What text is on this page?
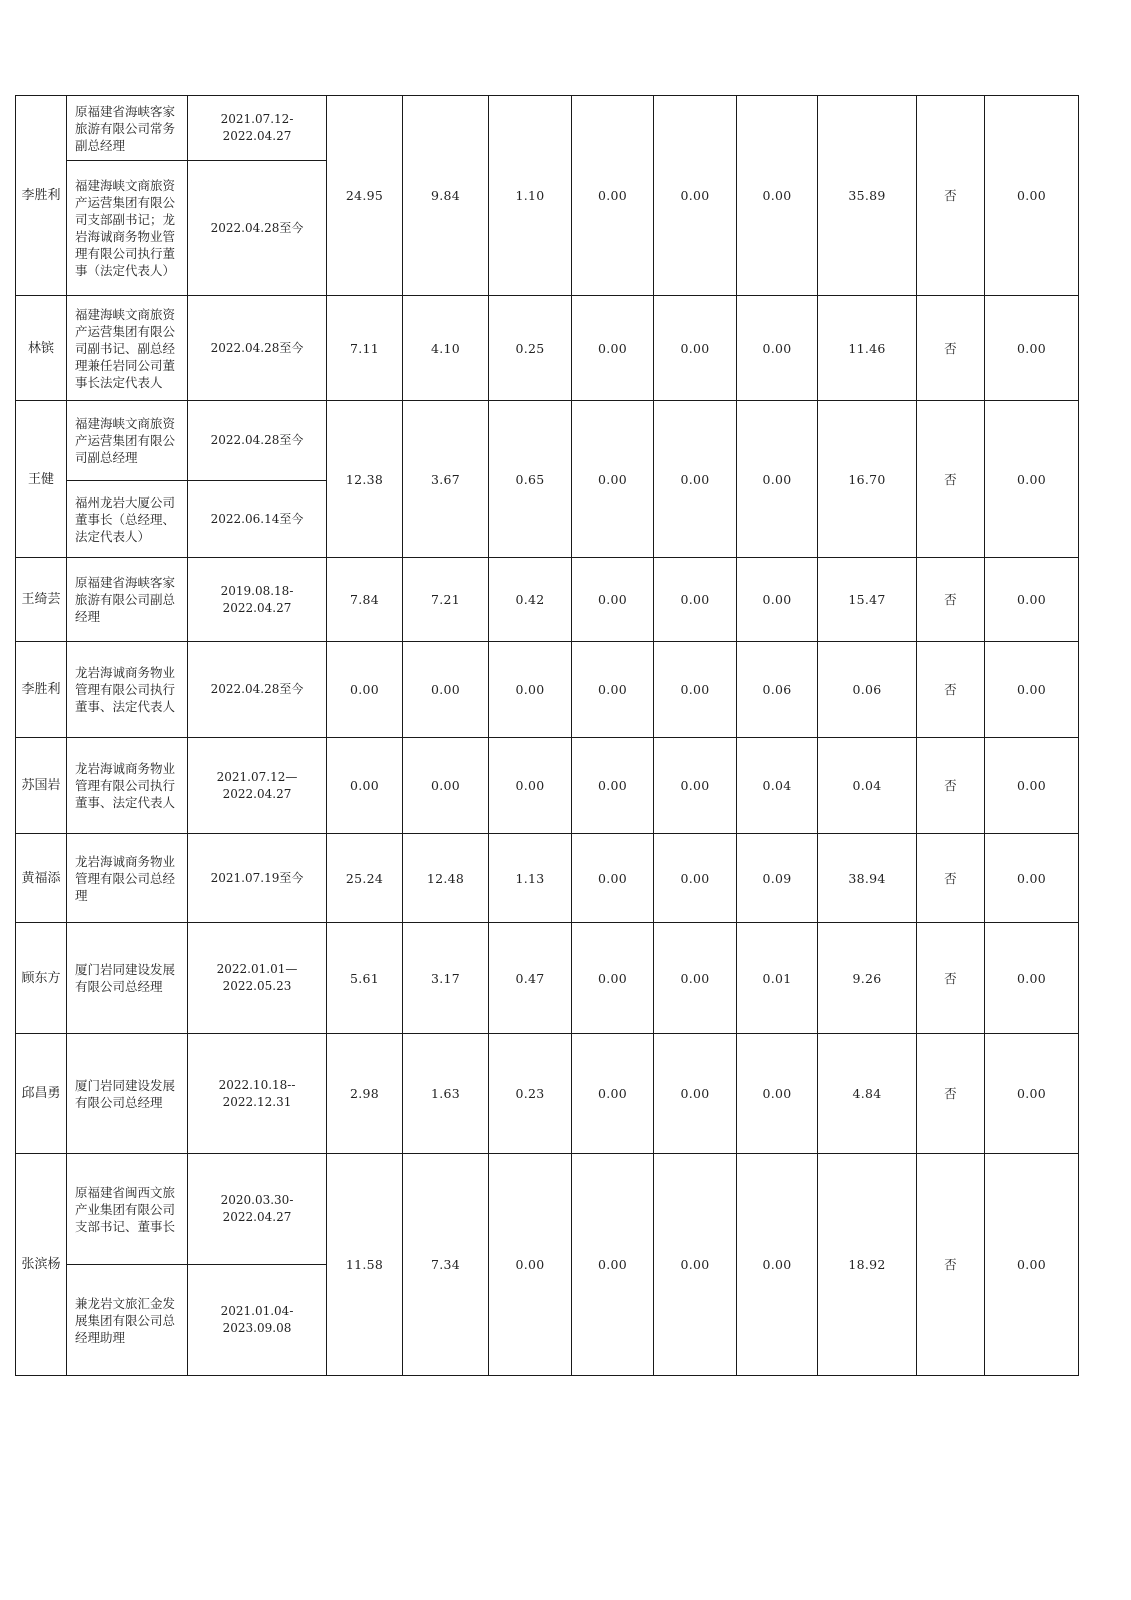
李胜利	原福建省海峡客家旅游有限公司常务副总经理	2021.07.12-
2022.04.27	24.95	9.84	1.10	0.00	0.00	0.00	35.89	否	0.00
	福建海峡文商旅资产运营集团有限公司支部副书记；龙岩海诚商务物业管理有限公司执行董事（法定代表人）	2022.04.28至今									
林镔	福建海峡文商旅资产运营集团有限公司副书记、副总经理兼任岩同公司董事长法定代表人	2022.04.28至今	7.11	4.10	0.25	0.00	0.00	0.00	11.46	否	0.00
王健	福建海峡文商旅资产运营集团有限公司副总经理	2022.04.28至今	12.38	3.67	0.65	0.00	0.00	0.00	16.70	否	0.00
	福州龙岩大厦公司董事长（总经理、法定代表人）	2022.06.14至今									
王绮芸	原福建省海峡客家旅游有限公司副总经理	2019.08.18-
2022.04.27	7.84	7.21	0.42	0.00	0.00	0.00	15.47	否	0.00
李胜利	龙岩海诚商务物业管理有限公司执行董事、法定代表人	2022.04.28至今	0.00	0.00	0.00	0.00	0.00	0.06	0.06	否	0.00
苏国岩	龙岩海诚商务物业管理有限公司执行董事、法定代表人	2021.07.12—
2022.04.27	0.00	0.00	0.00	0.00	0.00	0.04	0.04	否	0.00
黄福添	龙岩海诚商务物业管理有限公司总经理	2021.07.19至今	25.24	12.48	1.13	0.00	0.00	0.09	38.94	否	0.00
顾东方	厦门岩同建设发展有限公司总经理	2022.01.01—
2022.05.23	5.61	3.17	0.47	0.00	0.00	0.01	9.26	否	0.00
邱昌勇	厦门岩同建设发展有限公司总经理	2022.10.18--
2022.12.31	2.98	1.63	0.23	0.00	0.00	0.00	4.84	否	0.00
张滨杨	原福建省闽西文旅产业集团有限公司支部书记、董事长	2020.03.30-
2022.04.27	11.58	7.34	0.00	0.00	0.00	0.00	18.92	否	0.00
	兼龙岩文旅汇金发展集团有限公司总经理助理	2021.01.04-
2023.09.08									
